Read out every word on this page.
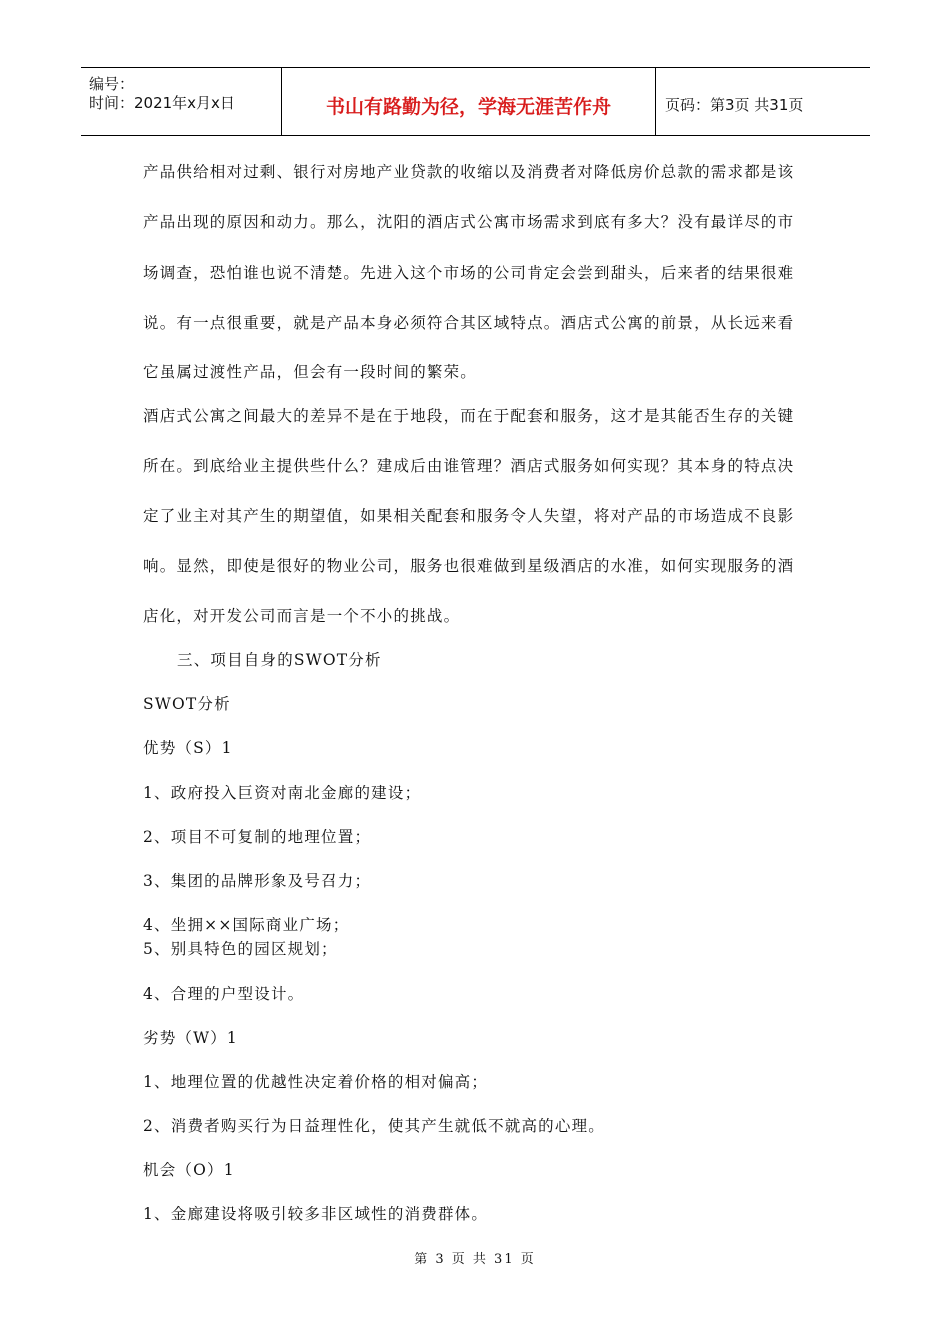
编号：
时间：2021年x月x日	书山有路勤为径，学海无涯苦作舟	页码：第3页 共31页
产品供给相对过剩、银行对房地产业贷款的收缩以及消费者对降低房价总款的需求都是该
产品出现的原因和动力。那么，沈阳的酒店式公寓市场需求到底有多大？没有最详尽的市
场调查，恐怕谁也说不清楚。先进入这个市场的公司肯定会尝到甜头，后来者的结果很难
说。有一点很重要，就是产品本身必须符合其区域特点。酒店式公寓的前景，从长远来看
它虽属过渡性产品，但会有一段时间的繁荣。
酒店式公寓之间最大的差异不是在于地段，而在于配套和服务，这才是其能否生存的关键
所在。到底给业主提供些什么？建成后由谁管理？酒店式服务如何实现？其本身的特点决
定了业主对其产生的期望值，如果相关配套和服务令人失望，将对产品的市场造成不良影
响。显然，即使是很好的物业公司，服务也很难做到星级酒店的水准，如何实现服务的酒
店化，对开发公司而言是一个不小的挑战。
三、项目自身的SWOT分析
SWOT分析
优势（S）1
1、政府投入巨资对南北金廊的建设；
2、项目不可复制的地理位置；
3、集团的品牌形象及号召力；
4、坐拥××国际商业广场；
5、别具特色的园区规划；
4、合理的户型设计。
劣势（W）1
1、地理位置的优越性决定着价格的相对偏高；
2、消费者购买行为日益理性化，使其产生就低不就高的心理。
机会（O）1
1、金廊建设将吸引较多非区域性的消费群体。
第 3 页 共 31 页
